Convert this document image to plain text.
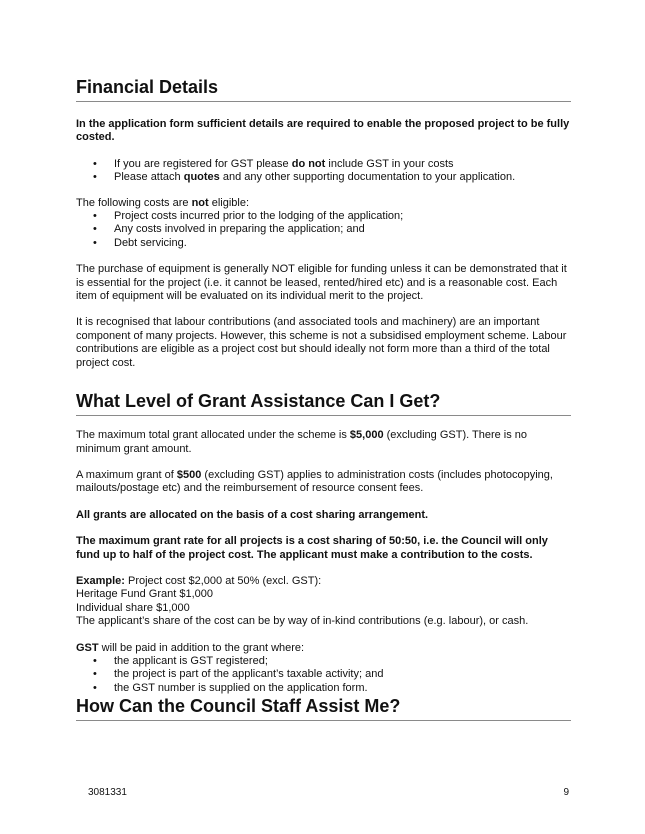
Financial Details

In the application form sufficient details are required to enable the proposed project to be fully costed.

• If you are registered for GST please do not include GST in your costs
• Please attach quotes and any other supporting documentation to your application.

The following costs are not eligible:

• Project costs incurred prior to the lodging of the application;
• Any costs involved in preparing the application; and
• Debt servicing.

The purchase of equipment is generally NOT eligible for funding unless it can be demonstrated that it is essential for the project (i.e. it cannot be leased, rented/hired etc) and is a reasonable cost. Each item of equipment will be evaluated on its individual merit to the project.

It is recognised that labour contributions (and associated tools and machinery) are an important component of many projects. However, this scheme is not a subsidised employment scheme. Labour contributions are eligible as a project cost but should ideally not form more than a third of the total project cost.

What Level of Grant Assistance Can I Get?

The maximum total grant allocated under the scheme is $5,000 (excluding GST). There is no minimum grant amount.

A maximum grant of $500 (excluding GST) applies to administration costs (includes photocopying, mailouts/postage etc) and the reimbursement of resource consent fees.

All grants are allocated on the basis of a cost sharing arrangement.

The maximum grant rate for all projects is a cost sharing of 50:50, i.e. the Council will only fund up to half of the project cost. The applicant must make a contribution to the costs.

Example: Project cost $2,000 at 50% (excl. GST):
Heritage Fund Grant $1,000
Individual share $1,000
The applicant’s share of the cost can be by way of in-kind contributions (e.g. labour), or cash.

GST will be paid in addition to the grant where:

• the applicant is GST registered;
• the project is part of the applicant’s taxable activity; and
• the GST number is supplied on the application form.
How Can the Council Staff Assist Me?
3081331	9
